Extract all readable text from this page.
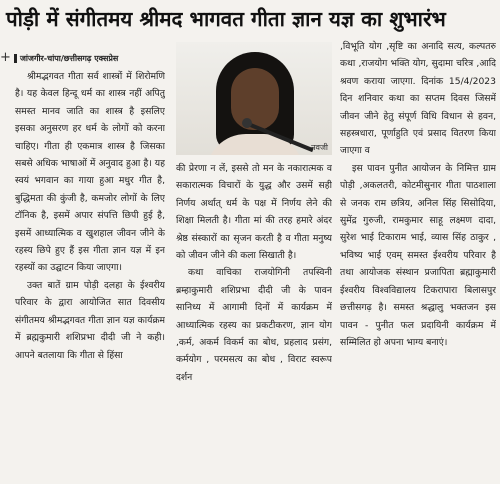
पोड़ी में संगीतमय श्रीमद भागवत गीता ज्ञान यज्ञ का शुभारंभ
+	जांजगीर-चांपा/छत्तीसगढ़ एक्सप्रेस

श्रीमद्भगवत गीता सर्व शास्त्रों में शिरोमणि है। यह केवल हिन्दू धर्म का शास्त्र नहीं अपितु समस्त मानव जाति का शास्त्र है इसलिए इसका अनुसरण हर धर्म के लोगों को करना चाहिए। गीता ही एकमात्र शास्त्र है जिसका सबसे अधिक भाषाओं में अनुवाद हुआ है। यह स्वयं भगवान का गाया हुआ मधुर गीत है, बुद्धिमता की कुंजी है, कमजोर लोगों के लिए टॉनिक है, इसमें अपार संपत्ति छिपी हुई है, इसमें आध्यात्मिक व खुशहाल जीवन जीने के रहस्य छिपे हुए हैं इस गीता ज्ञान यज्ञ में इन रहस्यों का उद्घाटन किया जाएगा।

उक्त बातें ग्राम पोड़ी दलहा के ईश्वरीय परिवार के द्वारा आयोजित सात दिवसीय संगीतमय श्रीमद्भगवत गीता ज्ञान यज्ञ कार्यक्रम में ब्रह्मकुमारी शशिप्रभा दीदी जी ने कही। आपने बतलाया कि गीता से हिंसा

नवजी

की प्रेरणा न लें, इससे तो मन के नकारात्मक व सकारात्मक विचारों के युद्ध और उसमें सही निर्णय अर्थात् धर्म के पक्ष में निर्णय लेने की शिक्षा मिलती है। गीता मां की तरह हमारे अंदर श्रेष्ठ संस्कारों का सृजन करती है व गीता मनुष्य को जीवन जीने की कला सिखाती है।

कथा वाचिका राजयोगिनी तपस्विनी ब्रम्हाकुमारी शशिप्रभा दीदी जी के पावन सानिध्य में आगामी दिनों में कार्यक्रम में आध्यात्मिक रहस्य का प्रकटीकरण, ज्ञान योग ,कर्म, अकर्म विकर्म का बोध, प्रहलाद प्रसंग, कर्मयोग , परमसत्य का बोध , विराट स्वरूप दर्शन

,विभूति योग ,सृष्टि का अनादि सत्य, कल्पतरु कथा ,राजयोग भक्ति योग, सुदामा चरित्र ,आदि श्रवण कराया जाएगा. दिनांक 15/4/2023 दिन शनिवार कथा का सप्तम दिवस जिसमें जीवन जीने हेतु संपूर्ण विधि विधान से हवन, सहस्त्रधारा, पूर्णाहुति एवं प्रसाद वितरण किया जाएगा व

इस पावन पुनीत आयोजन के निमित्त ग्राम पोड़ी ,अकलतरी, कोटमीसुनार गीता पाठशाला से जनक राम छत्रिय, अनिल सिंह सिसोदिया, सुमेंद्र गुरुजी, रामकुमार साहू लक्ष्मण दादा, सुरेश भाई टिकाराम भाई, व्यास सिंह ठाकुर , भविष्य भाई एवम् समस्त ईश्वरीय परिवार है तथा आयोजक संस्थान प्रजापिता ब्रह्माकुमारी ईश्वरीय विश्वविद्यालय टिकरापारा बिलासपुर छत्तीसगढ़ है। समस्त श्रद्धालु भक्तजन इस पावन - पुनीत फल प्रदायिनी कार्यक्रम में सम्मिलित हो अपना भाग्य बनाएं।
